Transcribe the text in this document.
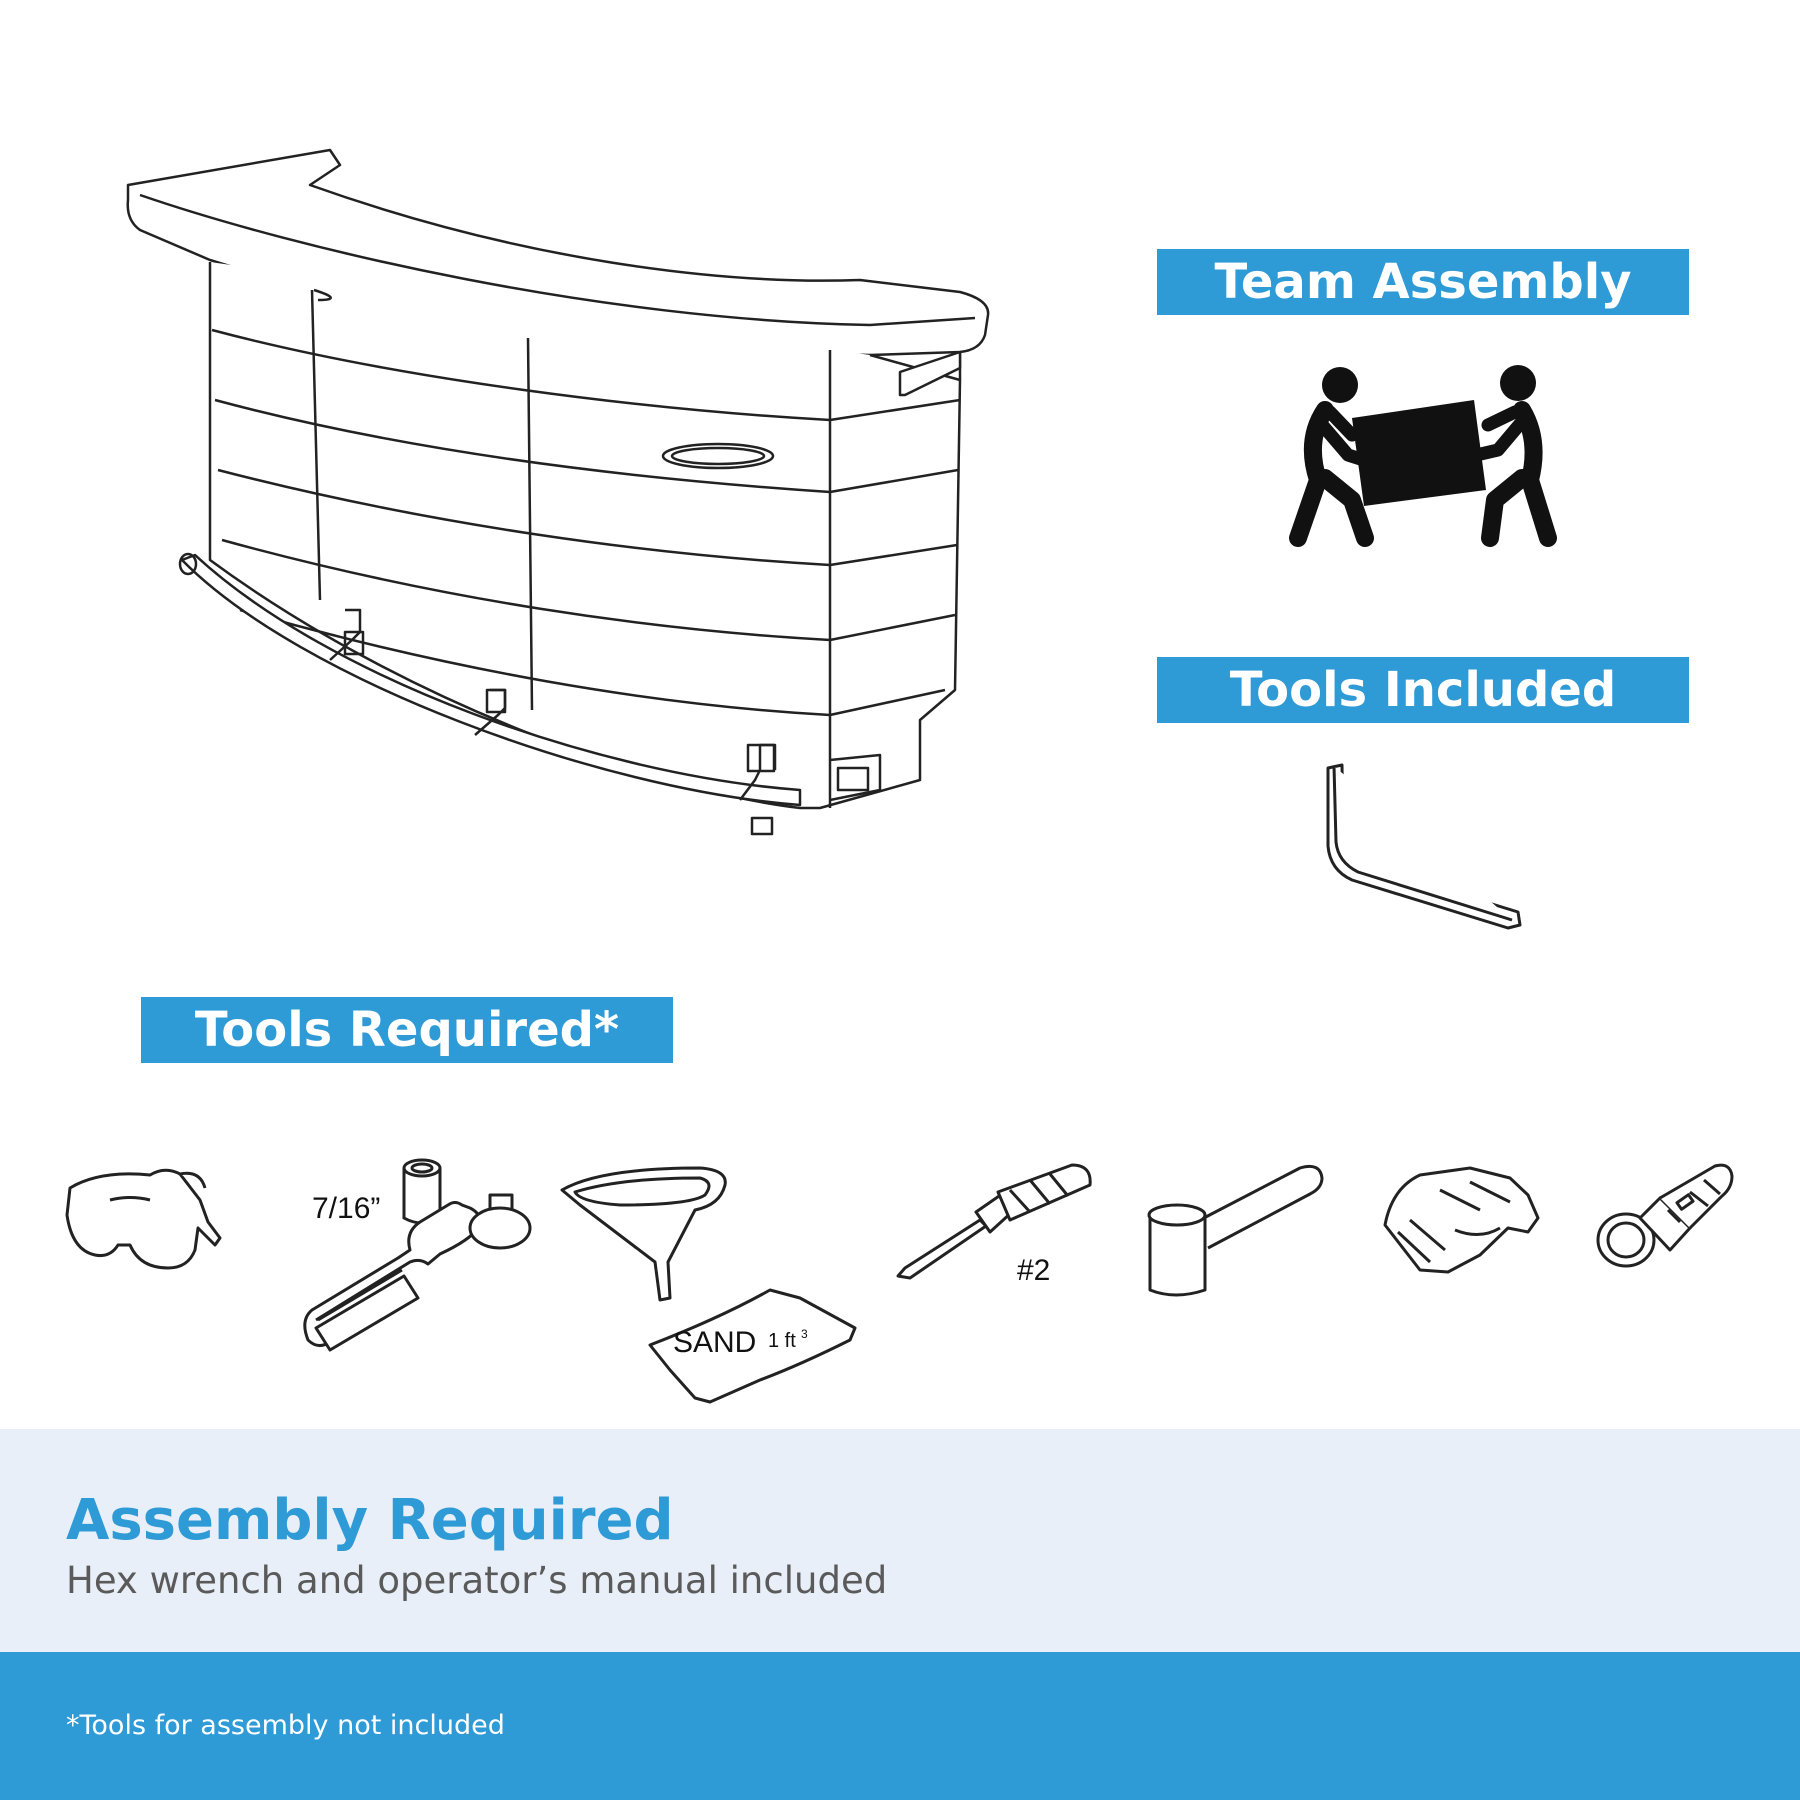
Team Assembly
Tools Included
Tools Required*
7/16”
SAND 1 ft 3
#2
Assembly Required
Hex wrench and operator’s manual included
*Tools for assembly not included
